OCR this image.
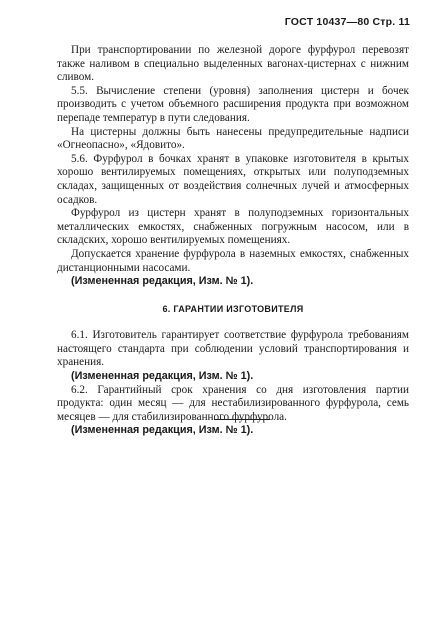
ГОСТ 10437—80 Стр. 11

При транспортировании по железной дороге фурфурол перевозят также наливом в специально выделенных вагонах-цистернах с нижним сливом.

5.5. Вычисление степени (уровня) заполнения цистерн и бочек производить с учетом объемного расширения продукта при возможном перепаде температур в пути следования.

На цистерны должны быть нанесены предупредительные надписи «Огнеопасно», «Ядовито».

5.6. Фурфурол в бочках хранят в упаковке изготовителя в крытых хорошо вентилируемых помещениях, открытых или полуподземных складах, защищенных от воздействия солнечных лучей и атмосферных осадков.

Фурфурол из цистерн хранят в полуподземных горизонтальных металлических емкостях, снабженных погружным насосом, или в складских, хорошо вентилируемых помещениях.

Допускается хранение фурфурола в наземных емкостях, снабженных дистанционными насосами.

(Измененная редакция, Изм. № 1).

6. ГАРАНТИИ ИЗГОТОВИТЕЛЯ

6.1. Изготовитель гарантирует соответствие фурфурола требованиям настоящего стандарта при соблюдении условий транспортирования и хранения.

(Измененная редакция, Изм. № 1).

6.2. Гарантийный срок хранения со дня изготовления партии продукта: один месяц — для нестабилизированного фурфурола, семь месяцев — для стабилизированного фурфурола.

(Измененная редакция, Изм. № 1).
